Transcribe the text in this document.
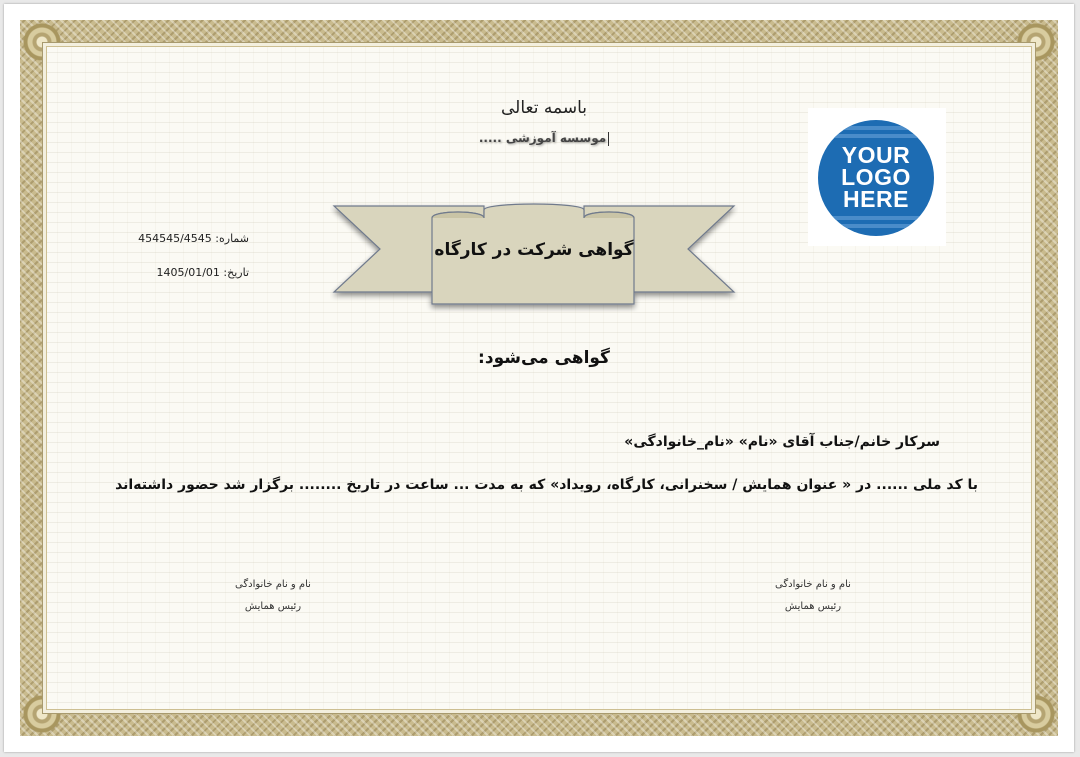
باسمه تعالی
موسسه آموزشی .....
YOUR
LOGO
HERE
454545/4545 شماره:
1405/01/01 تاریخ:
گواهی شرکت در کارگاه
گواهی می‌شود:
سرکار خانم/جناب آقای «نام» «نام_خانوادگی»
با کد ملی ...... در « عنوان همایش / سخنرانی، کارگاه، رویداد» که به مدت ... ساعت در تاریخ ........ برگزار شد حضور داشته‌اند
نام و نام خانوادگی
رئیس همایش
نام و نام خانوادگی
رئیس همایش
